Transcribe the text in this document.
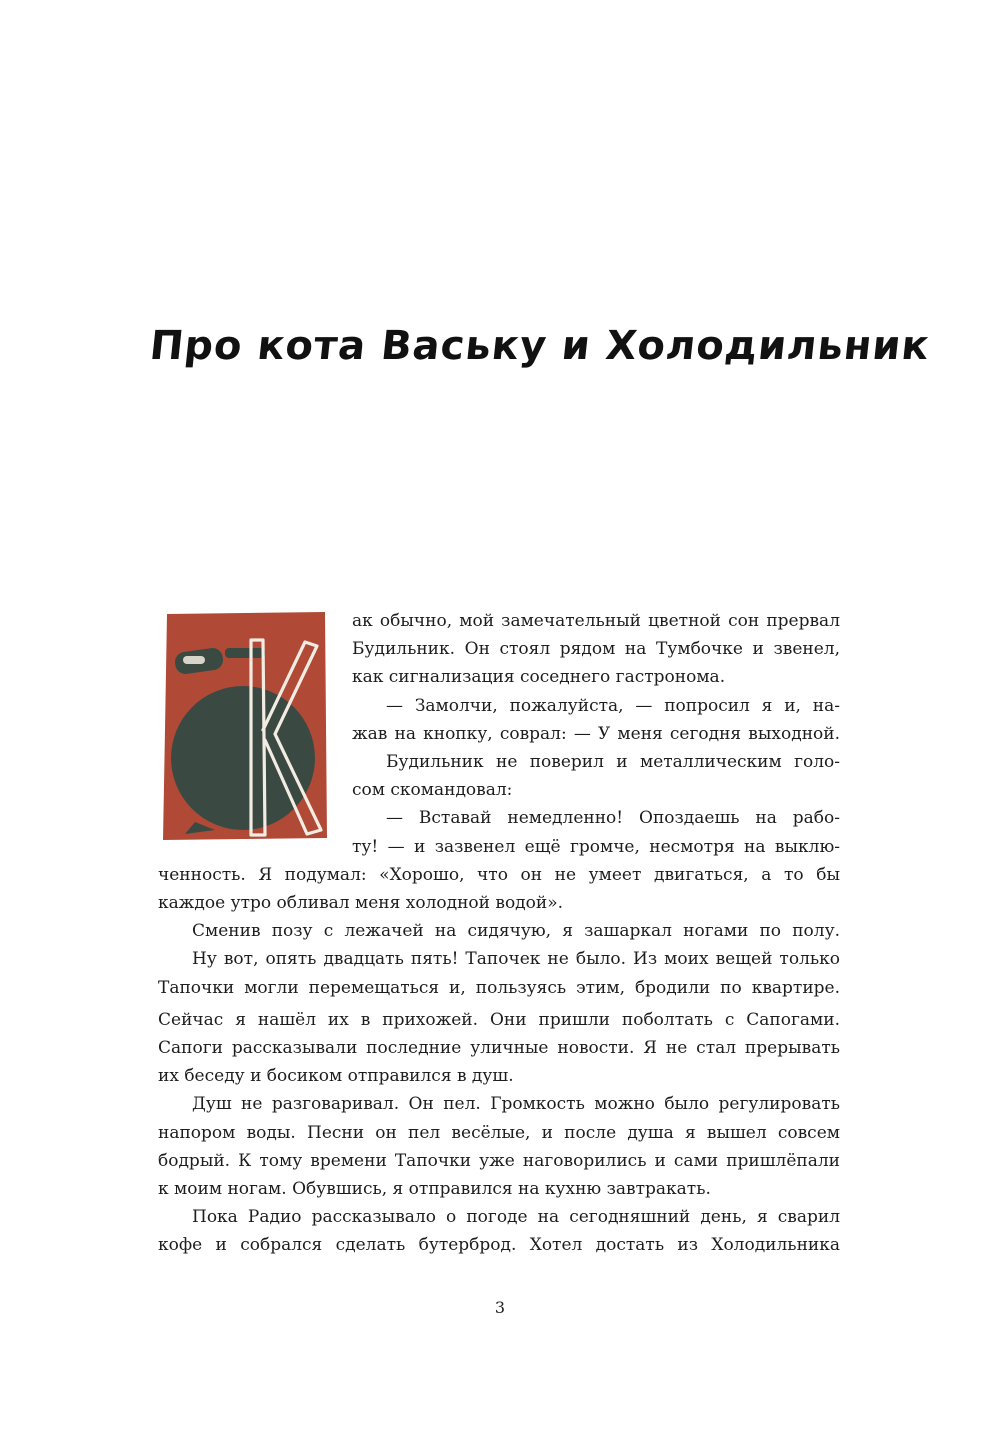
Про кота Ваську и Холодильник
К
ак обычно, мой замечательный цветной сон прервал
Будильник. Он стоял рядом на Тумбочке и звенел,
как сигнализация соседнего гастронома.
— Замолчи, пожалуйста, — попросил я и, на-
жав на кнопку, соврал: — У меня сегодня выходной.
Будильник не поверил и металлическим голо-
сом скомандовал:
— Вставай немедленно! Опоздаешь на рабо-
ту! — и зазвенел ещё громче, несмотря на выклю-
ченность. Я подумал: «Хорошо, что он не умеет двигаться, а то бы
каждое утро обливал меня холодной водой».
Сменив позу с лежачей на сидячую, я зашаркал ногами по полу.
Ну вот, опять двадцать пять! Тапочек не было. Из моих вещей только
Тапочки могли перемещаться и, пользуясь этим, бродили по квартире.
Сейчас я нашёл их в прихожей. Они пришли поболтать с Сапогами.
Сапоги рассказывали последние уличные новости. Я не стал прерывать
их беседу и босиком отправился в душ.
Душ не разговаривал. Он пел. Громкость можно было регулировать
напором воды. Песни он пел весёлые, и после душа я вышел совсем
бодрый. К тому времени Тапочки уже наговорились и сами пришлёпали
к моим ногам. Обувшись, я отправился на кухню завтракать.
Пока Радио рассказывало о погоде на сегодняшний день, я сварил
кофе и собрался сделать бутерброд. Хотел достать из Холодильника
3
